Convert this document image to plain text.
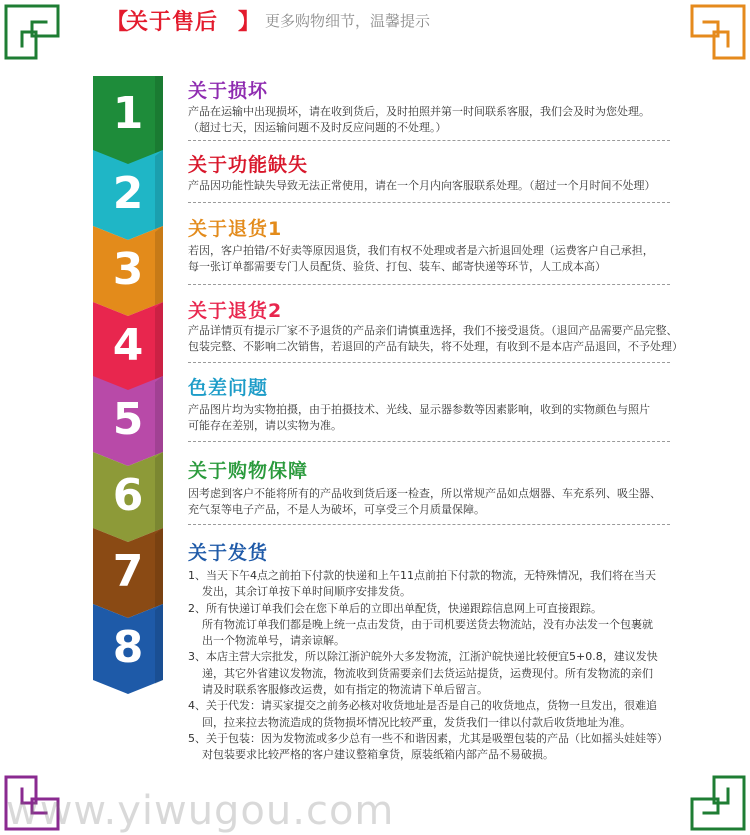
【
关于售后 】 更多购物细节，温馨提示
1
2
3
4
5
6
7
8
关于损坏
产品在运输中出现损坏，请在收到货后，及时拍照并第一时间联系客服，我们会及时为您处理。
（超过七天，因运输问题不及时反应问题的不处理。）
关于功能缺失
产品因功能性缺失导致无法正常使用，请在一个月内向客服联系处理。（超过一个月时间不处理）
关于退货1
若因，客户拍错/不好卖等原因退货，我们有权不处理或者是六折退回处理（运费客户自己承担，
每一张订单都需要专门人员配货、验货、打包、装车、邮寄快递等环节，人工成本高）
关于退货2
产品详情页有提示厂家不予退货的产品亲们请慎重选择，我们不接受退货。（退回产品需要产品完整、
包装完整、不影响二次销售，若退回的产品有缺失，将不处理，有收到不是本店产品退回，不予处理）
色差问题
产品图片均为实物拍摄，由于拍摄技术、光线、显示器参数等因素影响，收到的实物颜色与照片
可能存在差别，请以实物为准。
关于购物保障
因考虑到客户不能将所有的产品收到货后逐一检查，所以常规产品如点烟器、车充系列、吸尘器、
充气泵等电子产品，不是人为破坏，可享受三个月质量保障。
关于发货
1、当天下午4点之前拍下付款的快递和上午11点前拍下付款的物流，无特殊情况，我们将在当天
发出，其余订单按下单时间顺序安排发货。
2、所有快递订单我们会在您下单后的立即出单配货，快递跟踪信息网上可直接跟踪。
所有物流订单我们都是晚上统一点击发货，由于司机要送货去物流站，没有办法发一个包裹就
出一个物流单号，请亲谅解。
3、本店主营大宗批发，所以除江浙沪皖外大多发物流，江浙沪皖快递比较便宜5+0.8，建议发快
递，其它外省建议发物流，物流收到货需要亲们去货运站提货，运费现付。所有发物流的亲们
请及时联系客服修改运费，如有指定的物流请下单后留言。
4、关于代发：请买家提交之前务必核对收货地址是否是自己的收货地点，货物一旦发出，很难追
回，拉来拉去物流造成的货物损坏情况比较严重，发货我们一律以付款后收货地址为准。
5、关于包装：因为发物流或多少总有一些不和谐因素，尤其是吸塑包装的产品（比如摇头娃娃等）
对包装要求比较严格的客户建议整箱拿货，原装纸箱内部产品不易破损。
www.yiwugou.com
